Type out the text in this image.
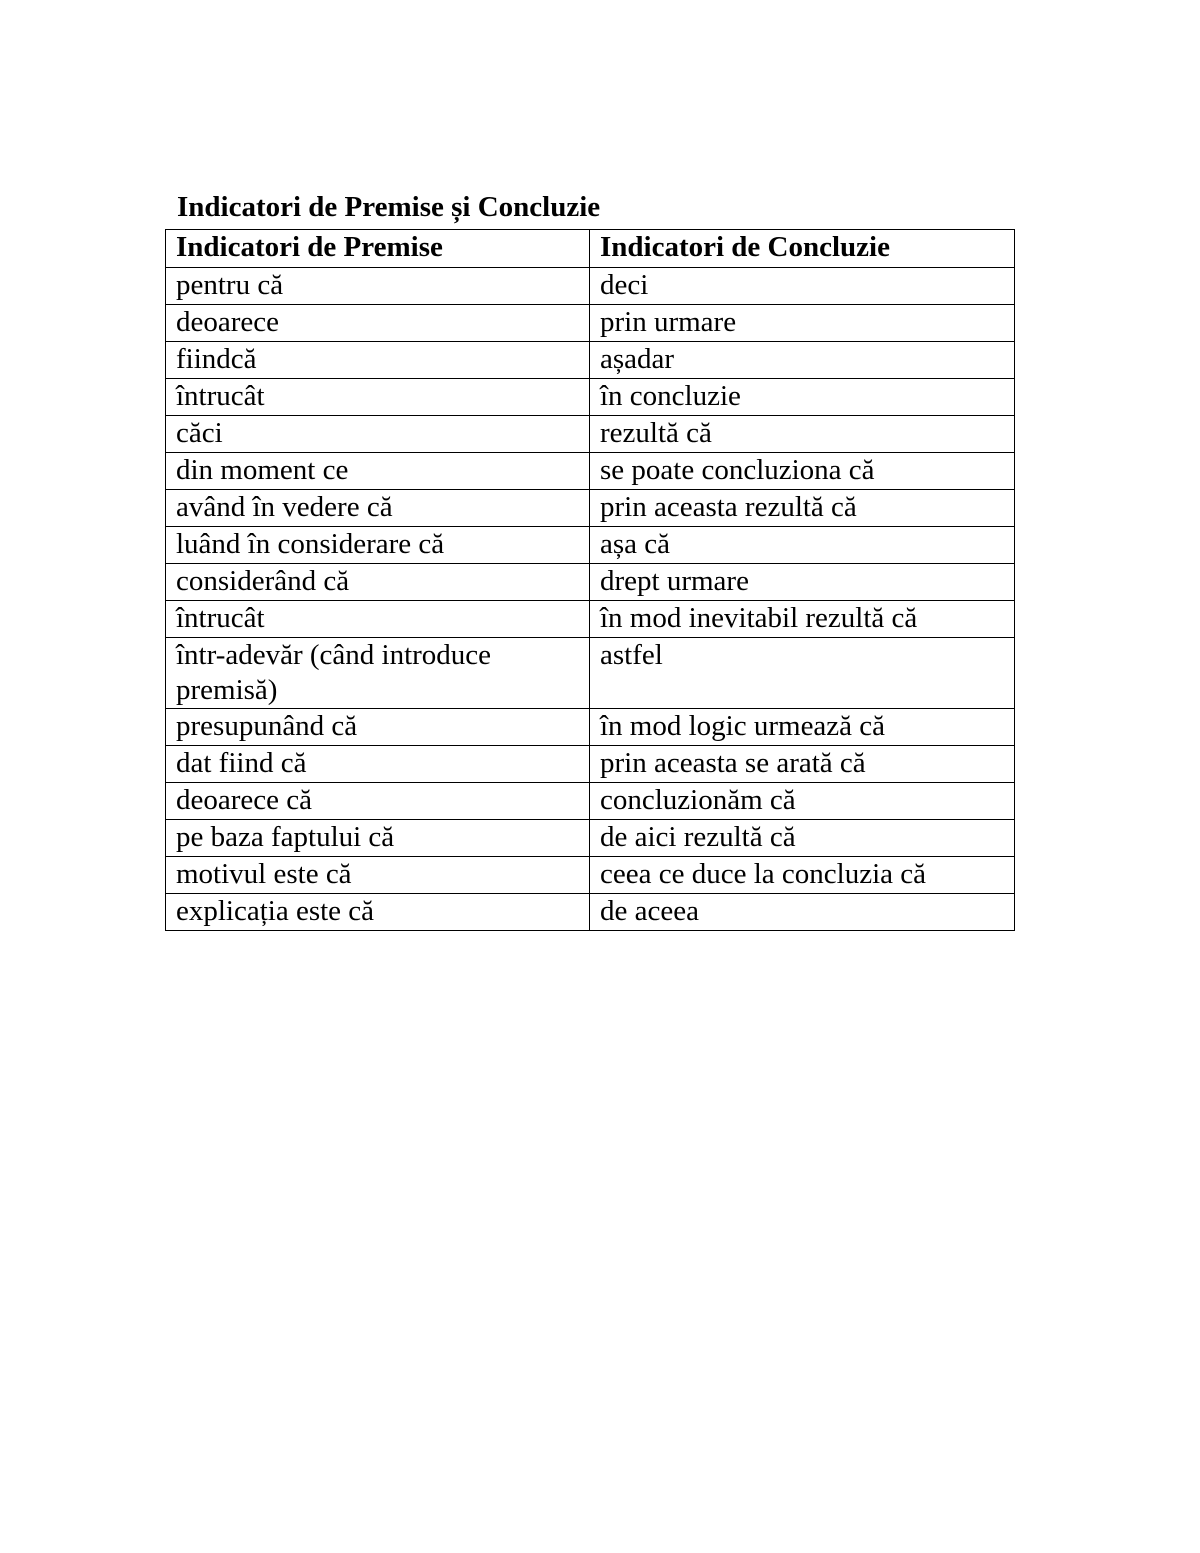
Indicatori de Premise și Concluzie
Indicatori de Premise	Indicatori de Concluzie
pentru că	deci
deoarece	prin urmare
fiindcă	așadar
întrucât	în concluzie
căci	rezultă că
din moment ce	se poate concluziona că
având în vedere că	prin aceasta rezultă că
luând în considerare că	așa că
considerând că	drept urmare
întrucât	în mod inevitabil rezultă că
într-adevăr (când introduce premisă)	astfel
presupunând că	în mod logic urmează că
dat fiind că	prin aceasta se arată că
deoarece că	concluzionăm că
pe baza faptului că	de aici rezultă că
motivul este că	ceea ce duce la concluzia că
explicația este că	de aceea
